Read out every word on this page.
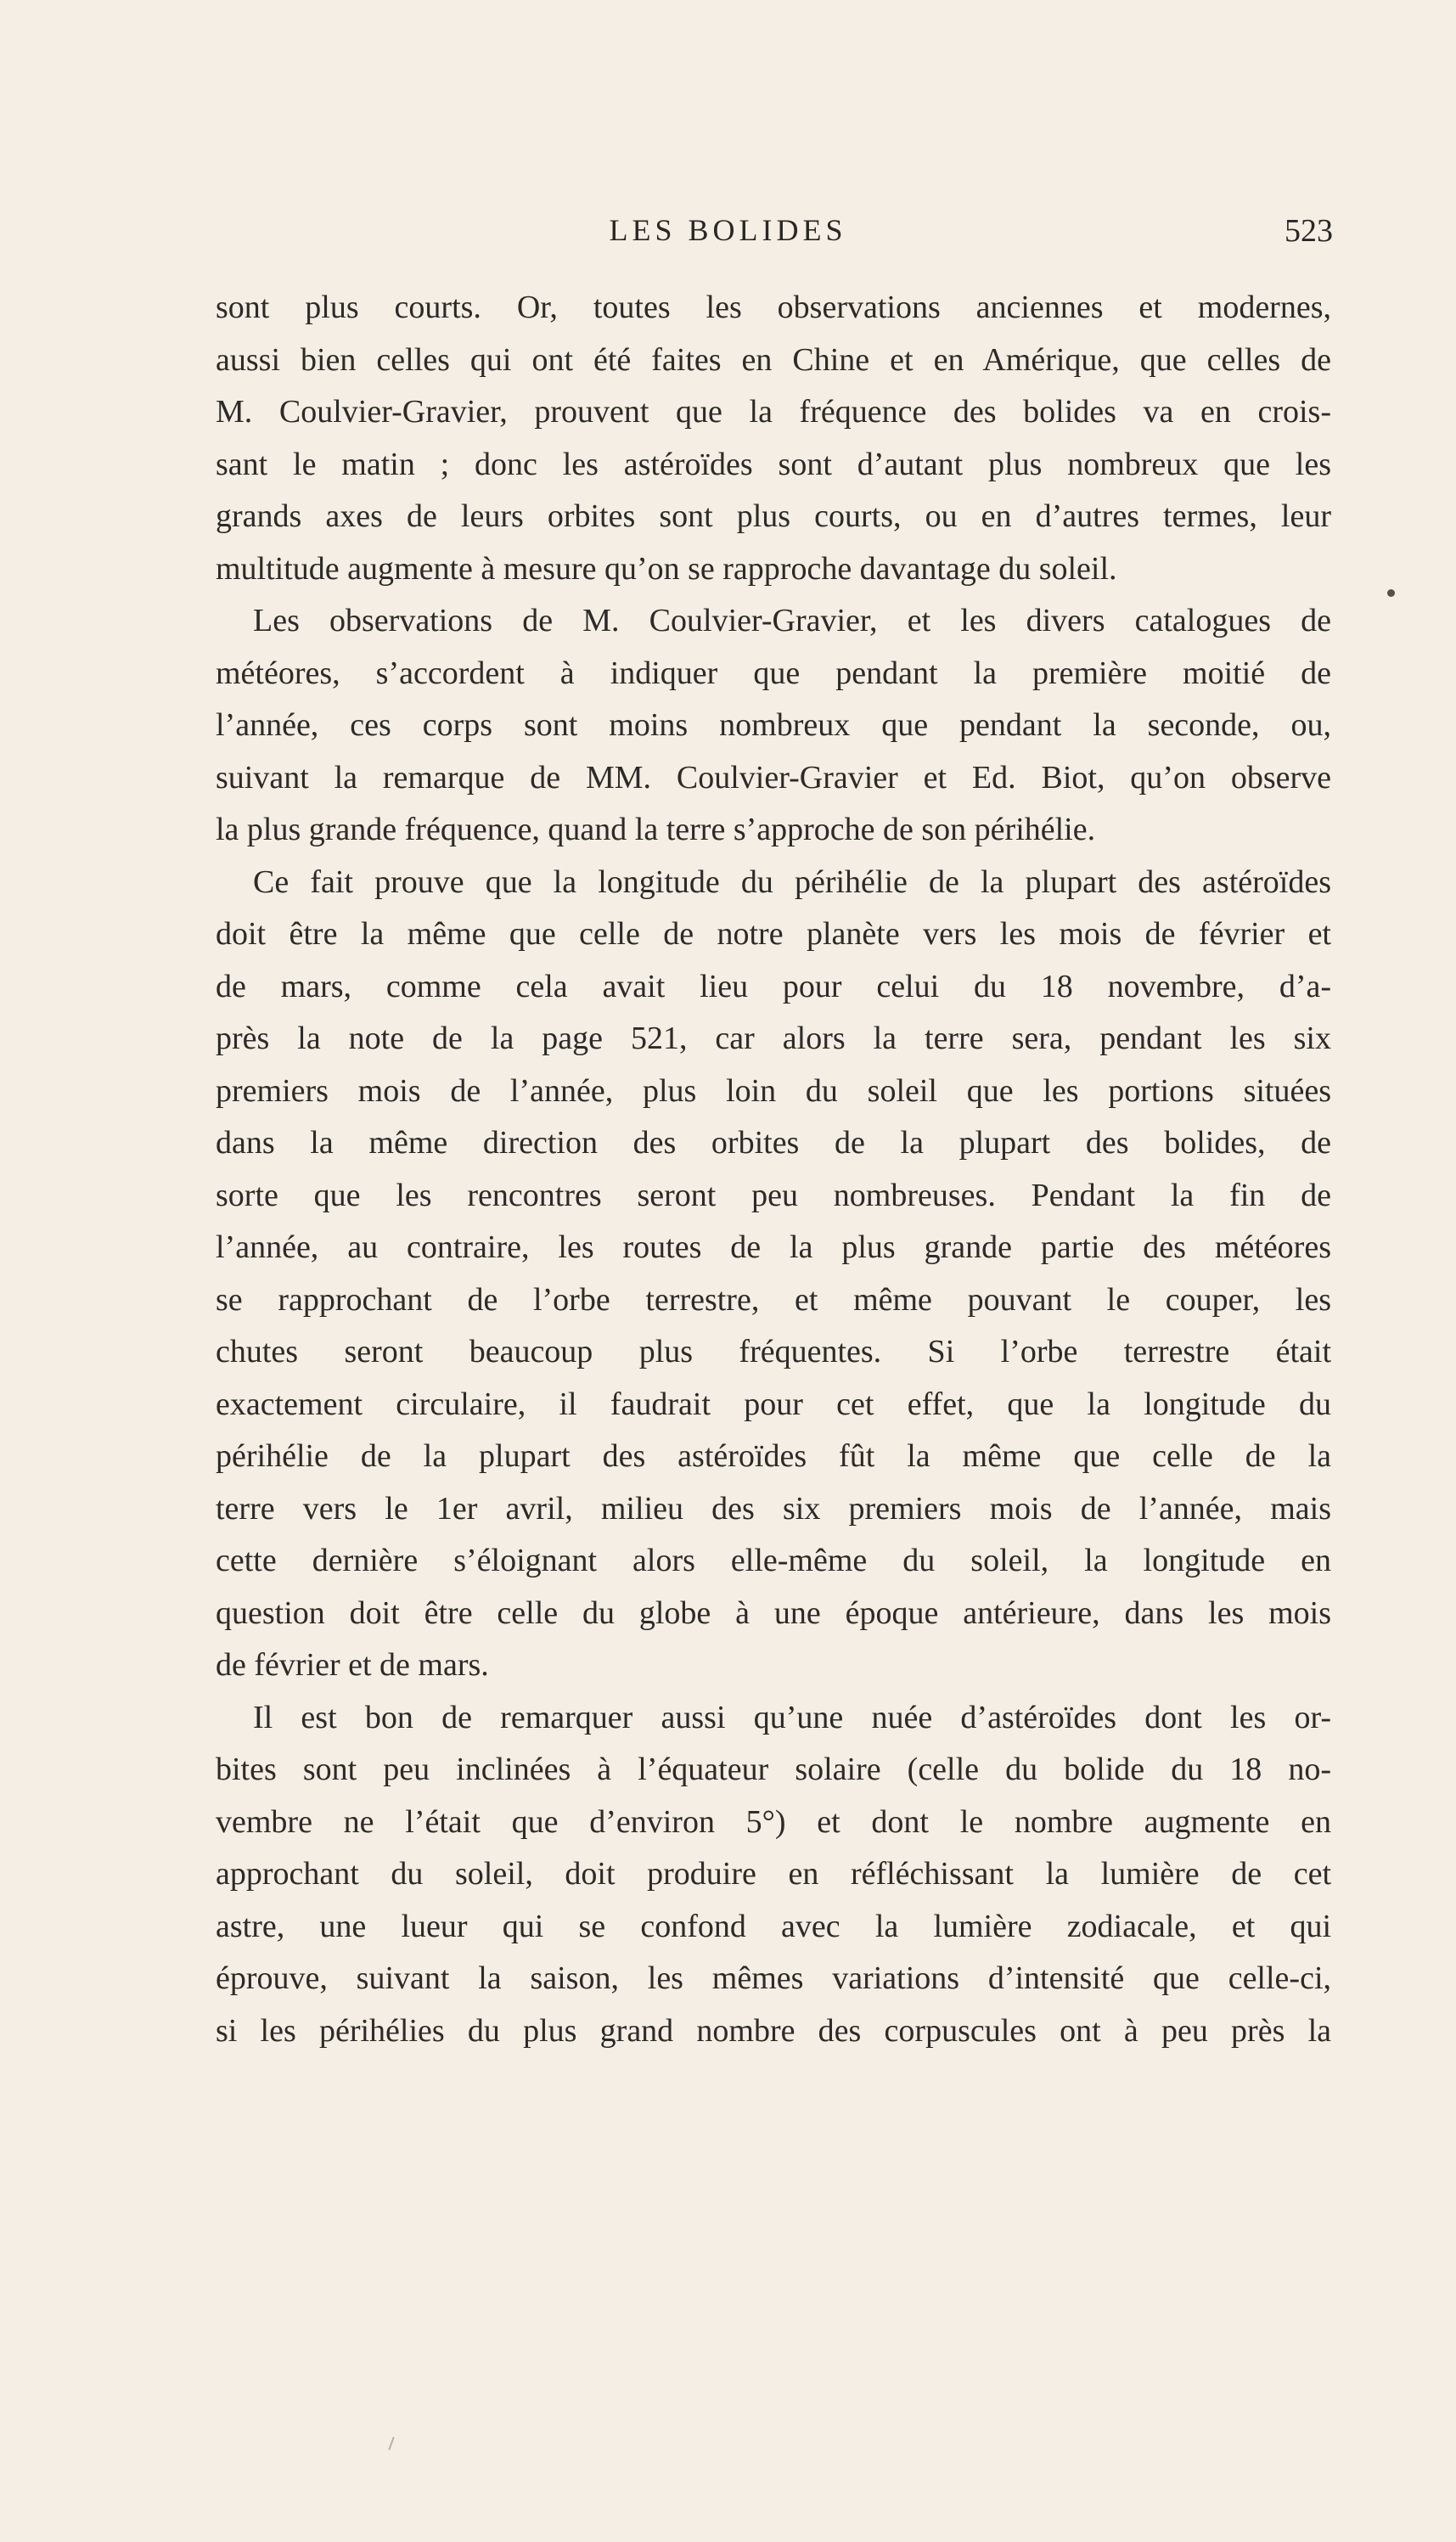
LES BOLIDES	523
sont plus courts. Or, toutes les observations anciennes et modernes,
aussi bien celles qui ont été faites en Chine et en Amérique, que celles de
M. Coulvier-Gravier, prouvent que la fréquence des bolides va en crois-
sant le matin ; donc les astéroïdes sont d’autant plus nombreux que les
grands axes de leurs orbites sont plus courts, ou en d’autres termes, leur
multitude augmente à mesure qu’on se rapproche davantage du soleil.
Les observations de M. Coulvier-Gravier, et les divers catalogues de
météores, s’accordent à indiquer que pendant la première moitié de
l’année, ces corps sont moins nombreux que pendant la seconde, ou,
suivant la remarque de MM. Coulvier-Gravier et Ed. Biot, qu’on observe
la plus grande fréquence, quand la terre s’approche de son périhélie.
Ce fait prouve que la longitude du périhélie de la plupart des astéroïdes
doit être la même que celle de notre planète vers les mois de février et
de mars, comme cela avait lieu pour celui du 18 novembre, d’a-
près la note de la page 521, car alors la terre sera, pendant les six
premiers mois de l’année, plus loin du soleil que les portions situées
dans la même direction des orbites de la plupart des bolides, de
sorte que les rencontres seront peu nombreuses. Pendant la fin de
l’année, au contraire, les routes de la plus grande partie des météores
se rapprochant de l’orbe terrestre, et même pouvant le couper, les
chutes seront beaucoup plus fréquentes. Si l’orbe terrestre était
exactement circulaire, il faudrait pour cet effet, que la longitude du
périhélie de la plupart des astéroïdes fût la même que celle de la
terre vers le 1er avril, milieu des six premiers mois de l’année, mais
cette dernière s’éloignant alors elle-même du soleil, la longitude en
question doit être celle du globe à une époque antérieure, dans les mois
de février et de mars.
Il est bon de remarquer aussi qu’une nuée d’astéroïdes dont les or-
bites sont peu inclinées à l’équateur solaire (celle du bolide du 18 no-
vembre ne l’était que d’environ 5°) et dont le nombre augmente en
approchant du soleil, doit produire en réfléchissant la lumière de cet
astre, une lueur qui se confond avec la lumière zodiacale, et qui
éprouve, suivant la saison, les mêmes variations d’intensité que celle-ci,
si les périhélies du plus grand nombre des corpuscules ont à peu près la
